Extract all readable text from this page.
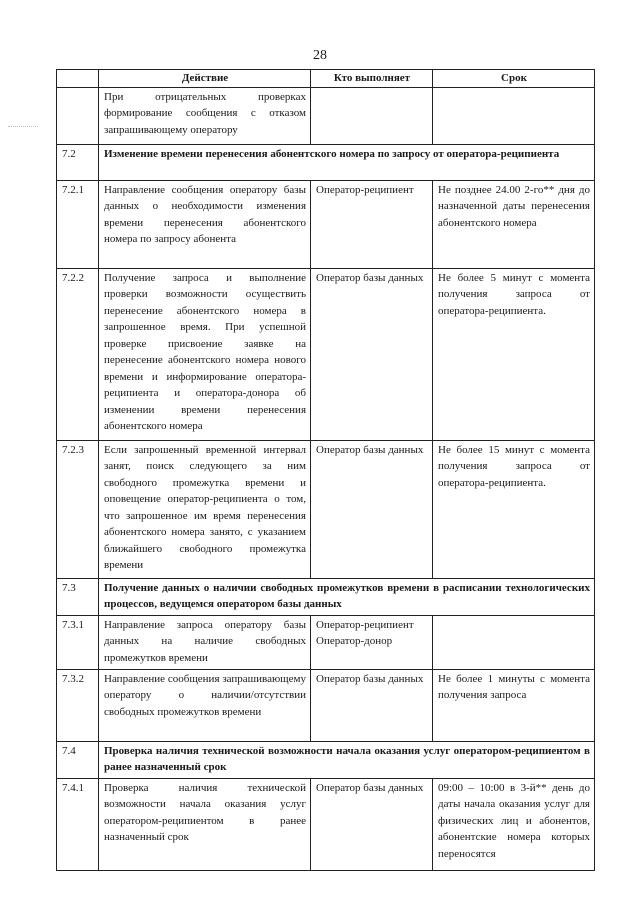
28
	Действие	Кто выполняет	Срок
	При отрицательных проверках формирование сообщения с отказом запрашивающему оператору		
7.2	Изменение времени перенесения абонентского номера по запросу от оператора-реципиента		
7.2.1	Направление сообщения оператору базы данных о необходимости изменения времени перенесения абонентского номера по запросу абонента	Оператор-реципиент	Не позднее 24.00 2-го** дня до назначенной даты перенесения абонентского номера
7.2.2	Получение запроса и выполнение проверки возможности осуществить перенесение абонентского номера в запрошенное время. При успешной проверке присвоение заявке на перенесение абонентского номера нового времени и информирование оператора-реципиента и оператора-донора об изменении времени перенесения абонентского номера	Оператор базы данных	Не более 5 минут с момента получения запроса от оператора-реципиента.
7.2.3	Если запрошенный временной интервал занят, поиск следующего за ним свободного промежутка времени и оповещение оператор-реципиента о том, что запрошенное им время перенесения абонентского номера занято, с указанием ближайшего свободного промежутка времени	Оператор базы данных	Не более 15 минут с момента получения запроса от оператора-реципиента.
7.3	Получение данных о наличии свободных промежутков времени в расписании технологических процессов, ведущемся оператором базы данных		
7.3.1	Направление запроса оператору базы данных на наличие свободных промежутков времени	Оператор-реципиент Оператор-донор	
7.3.2	Направление сообщения запрашивающему оператору о наличии/отсутствии свободных промежутков времени	Оператор базы данных	Не более 1 минуты с момента получения запроса
7.4	Проверка наличия технической возможности начала оказания услуг оператором-реципиентом в ранее назначенный срок		
7.4.1	Проверка наличия технической возможности начала оказания услуг оператором-реципиентом в ранее назначенный срок	Оператор базы данных	09:00 – 10:00 в 3-й** день до даты начала оказания услуг для физических лиц и абонентов, абонентские номера которых переносятся
